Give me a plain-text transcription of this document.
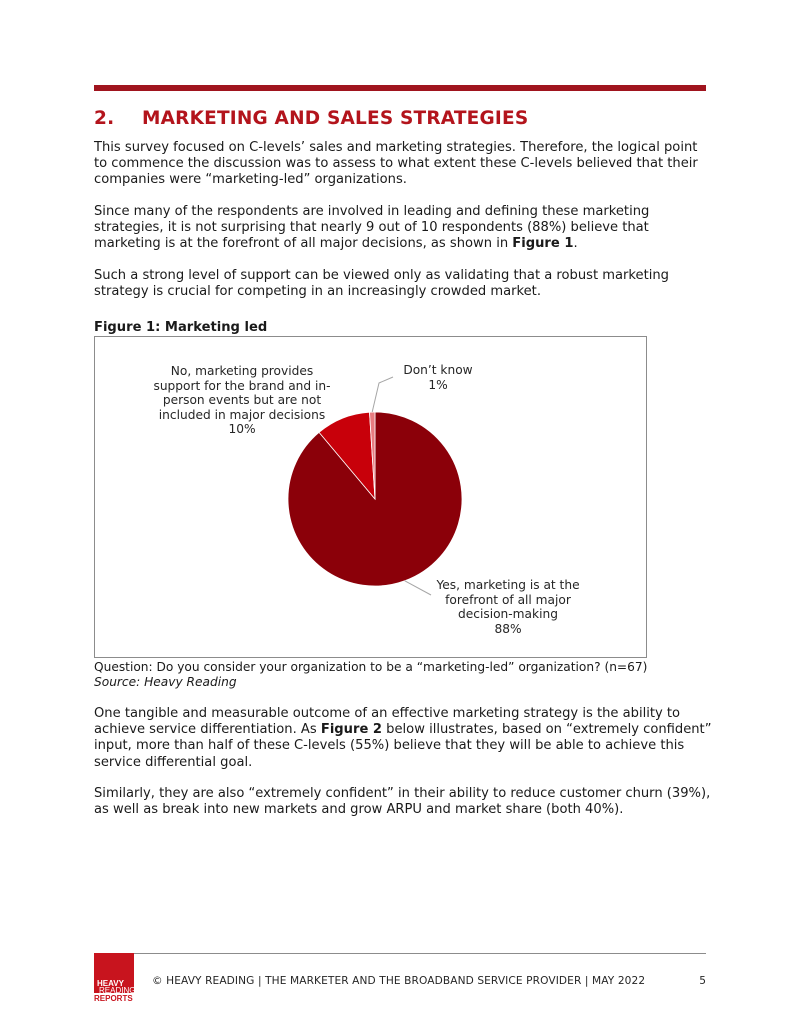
2. MARKETING AND SALES STRATEGIES

This survey focused on C-levels’ sales and marketing strategies. Therefore, the logical point to commence the discussion was to assess to what extent these C-levels believed that their companies were “marketing-led” organizations.

Since many of the respondents are involved in leading and defining these marketing strategies, it is not surprising that nearly 9 out of 10 respondents (88%) believe that marketing is at the forefront of all major decisions, as shown in Figure 1.

Such a strong level of support can be viewed only as validating that a robust marketing strategy is crucial for competing in an increasingly crowded market.

Figure 1: Marketing led
No, marketing provides
support for the brand and in-
person events but are not
included in major decisions
10%
Don’t know
1%
Yes, marketing is at the
forefront of all major
decision-making
88%
Question: Do you consider your organization to be a “marketing-led” organization? (n=67)
Source: Heavy Reading

One tangible and measurable outcome of an effective marketing strategy is the ability to achieve service differentiation. As Figure 2 below illustrates, based on “extremely confident” input, more than half of these C-levels (55%) believe that they will be able to achieve this service differential goal.

Similarly, they are also “extremely confident” in their ability to reduce customer churn (39%), as well as break into new markets and grow ARPU and market share (both 40%).

HEAVY
READING
REPORTS
© HEAVY READING | THE MARKETER AND THE BROADBAND SERVICE PROVIDER | MAY 2022	5
